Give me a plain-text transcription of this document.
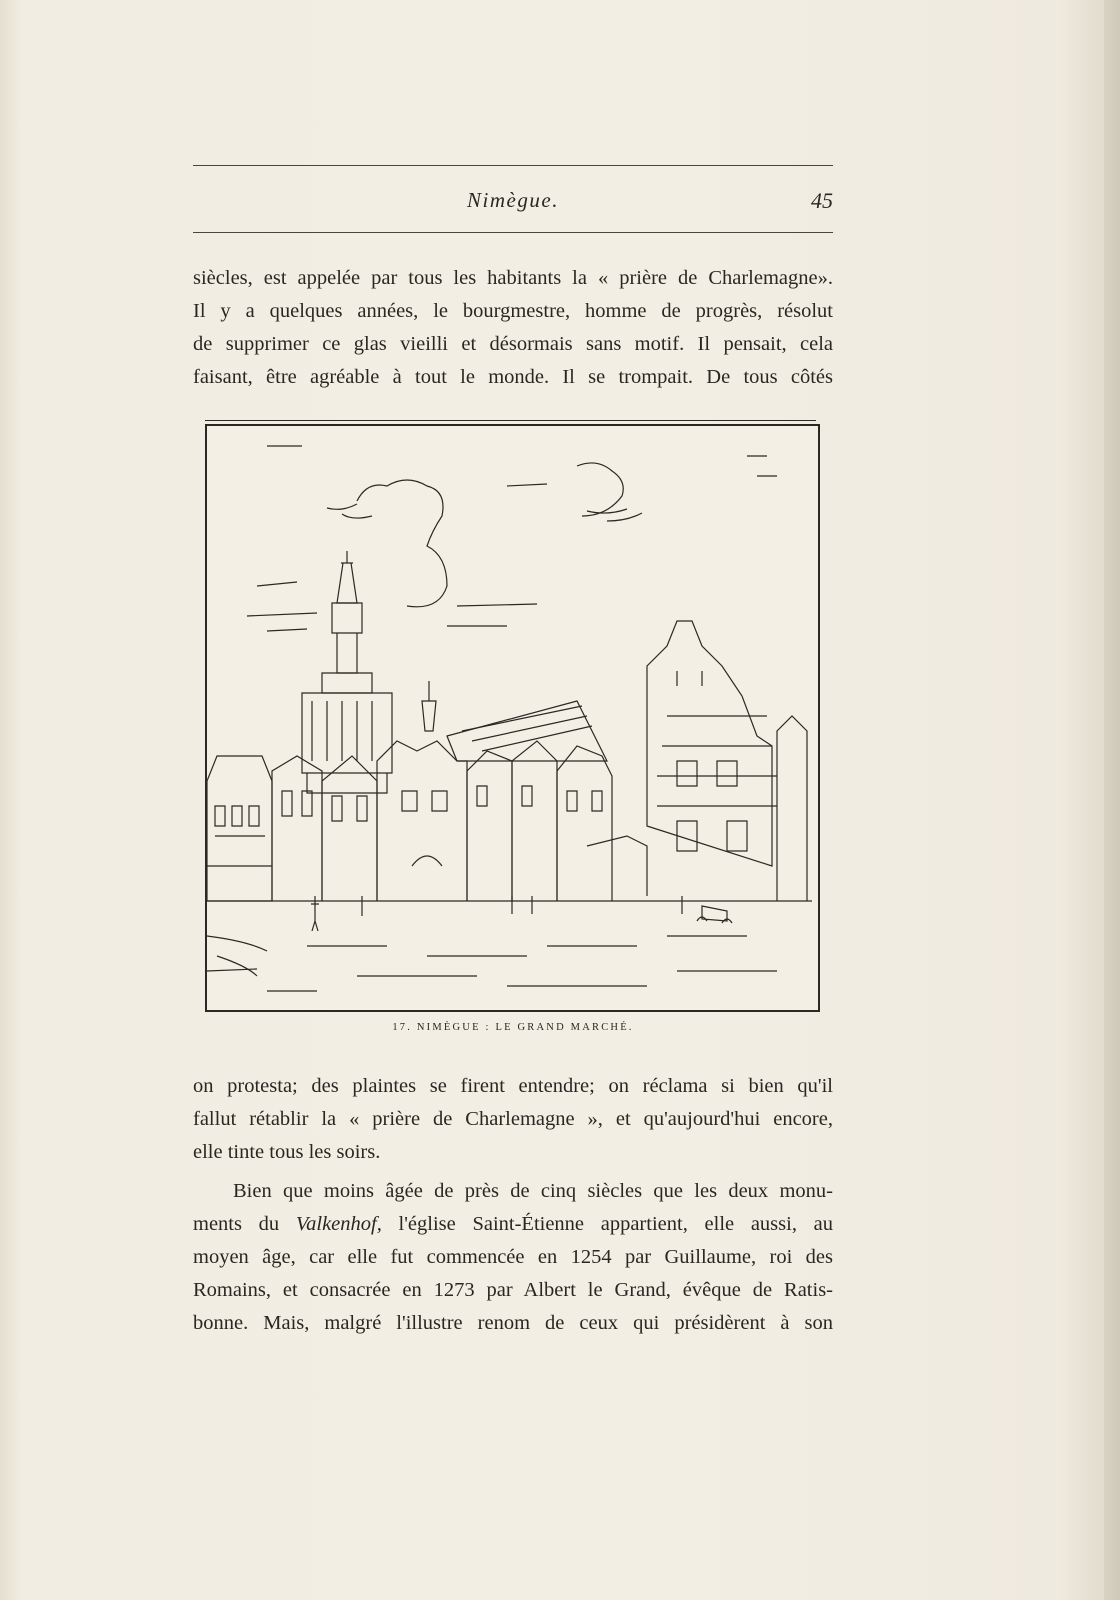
Nimègue.	45
siècles, est appelée par tous les habitants la « prière de Charlemagne».
Il y a quelques années, le bourgmestre, homme de progrès, résolut
de supprimer ce glas vieilli et désormais sans motif. Il pensait, cela
faisant, être agréable à tout le monde. Il se trompait. De tous côtés
17. NIMÈGUE : LE GRAND MARCHÉ.
on protesta; des plaintes se firent entendre; on réclama si bien qu'il
fallut rétablir la « prière de Charlemagne », et qu'aujourd'hui encore,
elle tinte tous les soirs.
Bien que moins âgée de près de cinq siècles que les deux monu-
ments du Valkenhof, l'église Saint-Étienne appartient, elle aussi, au
moyen âge, car elle fut commencée en 1254 par Guillaume, roi des
Romains, et consacrée en 1273 par Albert le Grand, évêque de Ratis-
bonne. Mais, malgré l'illustre renom de ceux qui présidèrent à son
